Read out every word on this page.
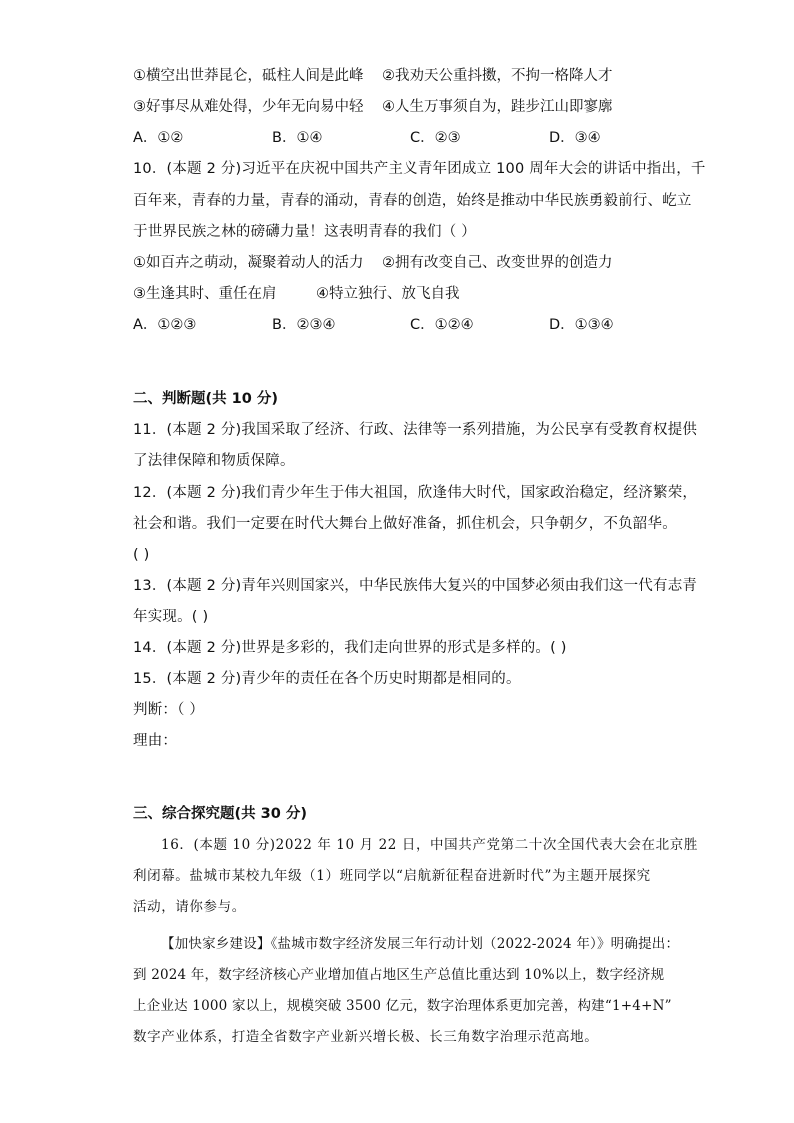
①横空出世莽昆仑，砥柱人间是此峰 ②我劝天公重抖擞，不拘一格降人才
③好事尽从难处得，少年无向易中轻 ④人生万事须自为，跬步江山即寥廓
A．①②	B．①④	C．②③	D．③④
10．(本题 2 分)习近平在庆祝中国共产主义青年团成立 100 周年大会的讲话中指出，千
百年来，青春的力量，青春的涌动，青春的创造，始终是推动中华民族勇毅前行、屹立
于世界民族之林的磅礴力量！这表明青春的我们（ ）
①如百卉之萌动，凝聚着动人的活力 ②拥有改变自己、改变世界的创造力
③生逢其时、重任在肩	④特立独行、放飞自我
A．①②③	B．②③④	C．①②④	D．①③④
二、判断题(共 10 分)
11．(本题 2 分)我国采取了经济、行政、法律等一系列措施，为公民享有受教育权提供
了法律保障和物质保障。
12．(本题 2 分)我们青少年生于伟大祖国，欣逢伟大时代，国家政治稳定，经济繁荣，
社会和谐。我们一定要在时代大舞台上做好准备，抓住机会，只争朝夕，不负韶华。
( )
13．(本题 2 分)青年兴则国家兴，中华民族伟大复兴的中国梦必须由我们这一代有志青
年实现。( )
14．(本题 2 分)世界是多彩的，我们走向世界的形式是多样的。( )
15．(本题 2 分)青少年的责任在各个历史时期都是相同的。
判断：（ ）
理由：
三、综合探究题(共 30 分)
16．(本题 10 分)2022 年 10 月 22 日，中国共产党第二十次全国代表大会在北京胜
利闭幕。盐城市某校九年级（1）班同学以“启航新征程奋进新时代”为主题开展探究
活动，请你参与。
【加快家乡建设】《盐城市数字经济发展三年行动计划（2022-2024 年）》明确提出：
到 2024 年，数字经济核心产业增加值占地区生产总值比重达到 10%以上，数字经济规
上企业达 1000 家以上，规模突破 3500 亿元，数字治理体系更加完善，构建“1+4+N”
数字产业体系，打造全省数字产业新兴增长极、长三角数字治理示范高地。
